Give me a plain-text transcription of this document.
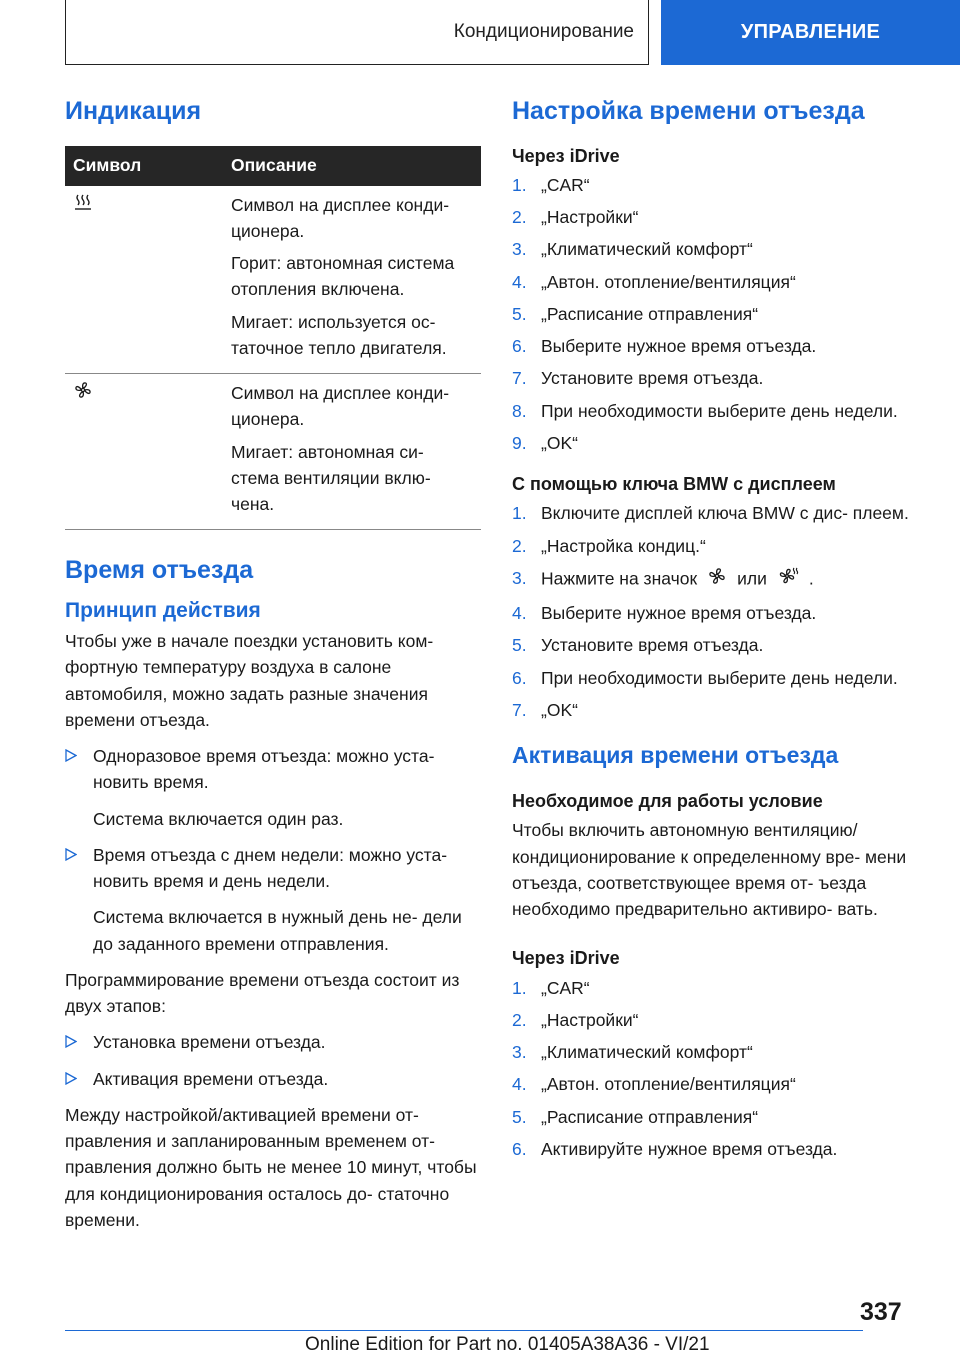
Кондиционирование	УПРАВЛЕНИЕ
Индикация
Символ	Описание

Символ на дисплее конди- ционера.

Горит: автономная система отопления включена.

Мигает: используется ос- таточное тепло двигателя.

Символ на дисплее конди- ционера.

Мигает: автономная си- стема вентиляции вклю- чена.

Время отъезда
Принцип действия

Чтобы уже в начале поездки установить ком- фортную температуру воздуха в салоне автомобиля, можно задать разные значения времени отъезда.

Одноразовое время отъезда: можно уста- новить время.
Система включается один раз.
Время отъезда с днем недели: можно уста- новить время и день недели.
Система включается в нужный день не- дели до заданного времени отправления.

Программирование времени отъезда состоит из двух этапов:

Установка времени отъезда.
Активация времени отъезда.

Между настройкой/активацией времени от- правления и запланированным временем от- правления должно быть не менее 10 минут, чтобы для кондиционирования осталось до- статочно времени.

Настройка времени отъезда
Через iDrive
1. „CAR“
2. „Настройки“
3. „Климатический комфорт“
4. „Автон. отопление/вентиляция“
5. „Расписание отправления“
6. Выберите нужное время отъезда.
7. Установите время отъезда.
8. При необходимости выберите день недели.
9. „OK“
С помощью ключа BMW с дисплеем
1. Включите дисплей ключа BMW с дис- плеем.
2. „Настройка кондиц.“
3. Нажмите на значок или .
4. Выберите нужное время отъезда.
5. Установите время отъезда.
6. При необходимости выберите день недели.
7. „OK“
Активация времени отъезда
Необходимое для работы условие

Чтобы включить автономную вентиляцию/ кондиционирование к определенному вре- мени отъезда, соответствующее время от- ъезда необходимо предварительно активиро- вать.

Через iDrive
1. „CAR“
2. „Настройки“
3. „Климатический комфорт“
4. „Автон. отопление/вентиляция“
5. „Расписание отправления“
6. Активируйте нужное время отъезда.
337
Online Edition for Part no. 01405A38A36 - VI/21
